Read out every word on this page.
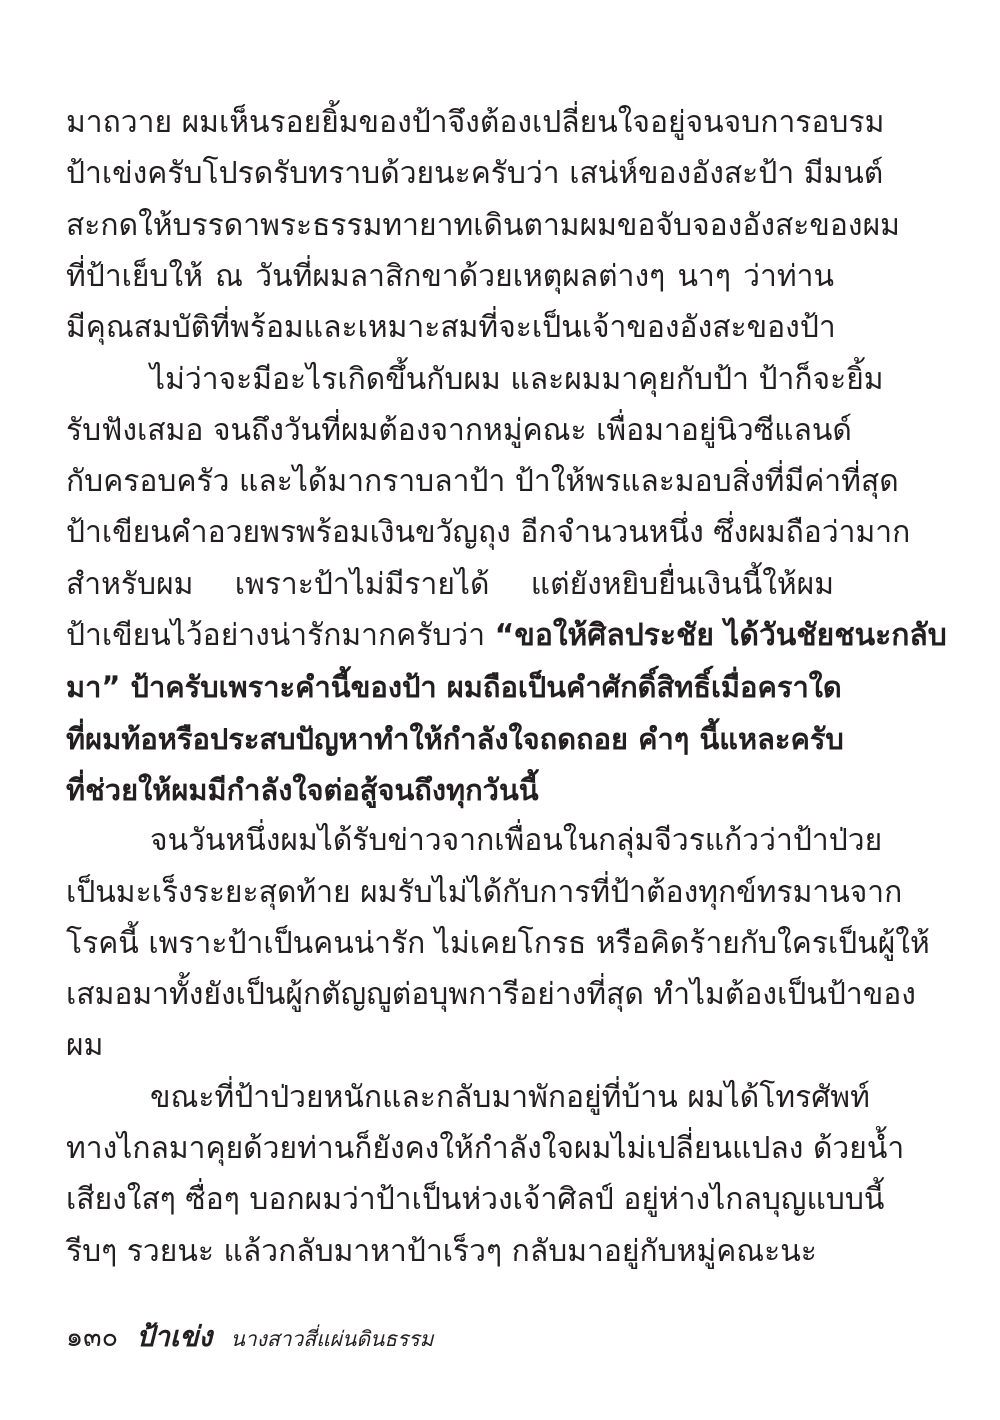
มาถวาย ผมเห็นรอยยิ้มของป้าจึงต้องเปลี่ยนใจอยู่จนจบการอบรม
ป้าเข่งครับโปรดรับทราบด้วยนะครับว่า เสน่ห์ของอังสะป้า มีมนต์
สะกดให้บรรดาพระธรรมทายาทเดินตามผมขอจับจองอังสะของผม
ที่ป้าเย็บให้ ณ วันที่ผมลาสิกขาด้วยเหตุผลต่างๆ นาๆ ว่าท่าน
มีคุณสมบัติที่พร้อมและเหมาะสมที่จะเป็นเจ้าของอังสะของป้า
ไม่ว่าจะมีอะไรเกิดขึ้นกับผม และผมมาคุยกับป้า ป้าก็จะยิ้ม
รับฟังเสมอ จนถึงวันที่ผมต้องจากหมู่คณะ เพื่อมาอยู่นิวซีแลนด์
กับครอบครัว และได้มากราบลาป้า ป้าให้พรและมอบสิ่งที่มีค่าที่สุด
ป้าเขียนคำอวยพรพร้อมเงินขวัญถุง อีกจำนวนหนึ่ง ซึ่งผมถือว่ามาก
สำหรับผม เพราะป้าไม่มีรายได้ แต่ยังหยิบยื่นเงินนี้ให้ผม
ป้าเขียนไว้อย่างน่ารักมากครับว่า “ขอให้ศิลประชัย ได้วันชัยชนะกลับ
มา” ป้าครับเพราะคำนี้ของป้า ผมถือเป็นคำศักดิ์สิทธิ์เมื่อคราใด
ที่ผมท้อหรือประสบปัญหาทำให้กำลังใจถดถอย คำๆ นี้แหละครับ
ที่ช่วยให้ผมมีกำลังใจต่อสู้จนถึงทุกวันนี้
จนวันหนึ่งผมได้รับข่าวจากเพื่อนในกลุ่มจีวรแก้วว่าป้าป่วย
เป็นมะเร็งระยะสุดท้าย ผมรับไม่ได้กับการที่ป้าต้องทุกข์ทรมานจาก
โรคนี้ เพราะป้าเป็นคนน่ารัก ไม่เคยโกรธ หรือคิดร้ายกับใครเป็นผู้ให้
เสมอมาทั้งยังเป็นผู้กตัญญูต่อบุพการีอย่างที่สุด ทำไมต้องเป็นป้าของ
ผม
ขณะที่ป้าป่วยหนักและกลับมาพักอยู่ที่บ้าน ผมได้โทรศัพท์
ทางไกลมาคุยด้วยท่านก็ยังคงให้กำลังใจผมไม่เปลี่ยนแปลง ด้วยน้ำ
เสียงใสๆ ซื่อๆ บอกผมว่าป้าเป็นห่วงเจ้าศิลป์ อยู่ห่างไกลบุญแบบนี้
รีบๆ รวยนะ แล้วกลับมาหาป้าเร็วๆ กลับมาอยู่กับหมู่คณะนะ
๑๓๐ ป้าเข่ง นางสาวสี่แผ่นดินธรรม
